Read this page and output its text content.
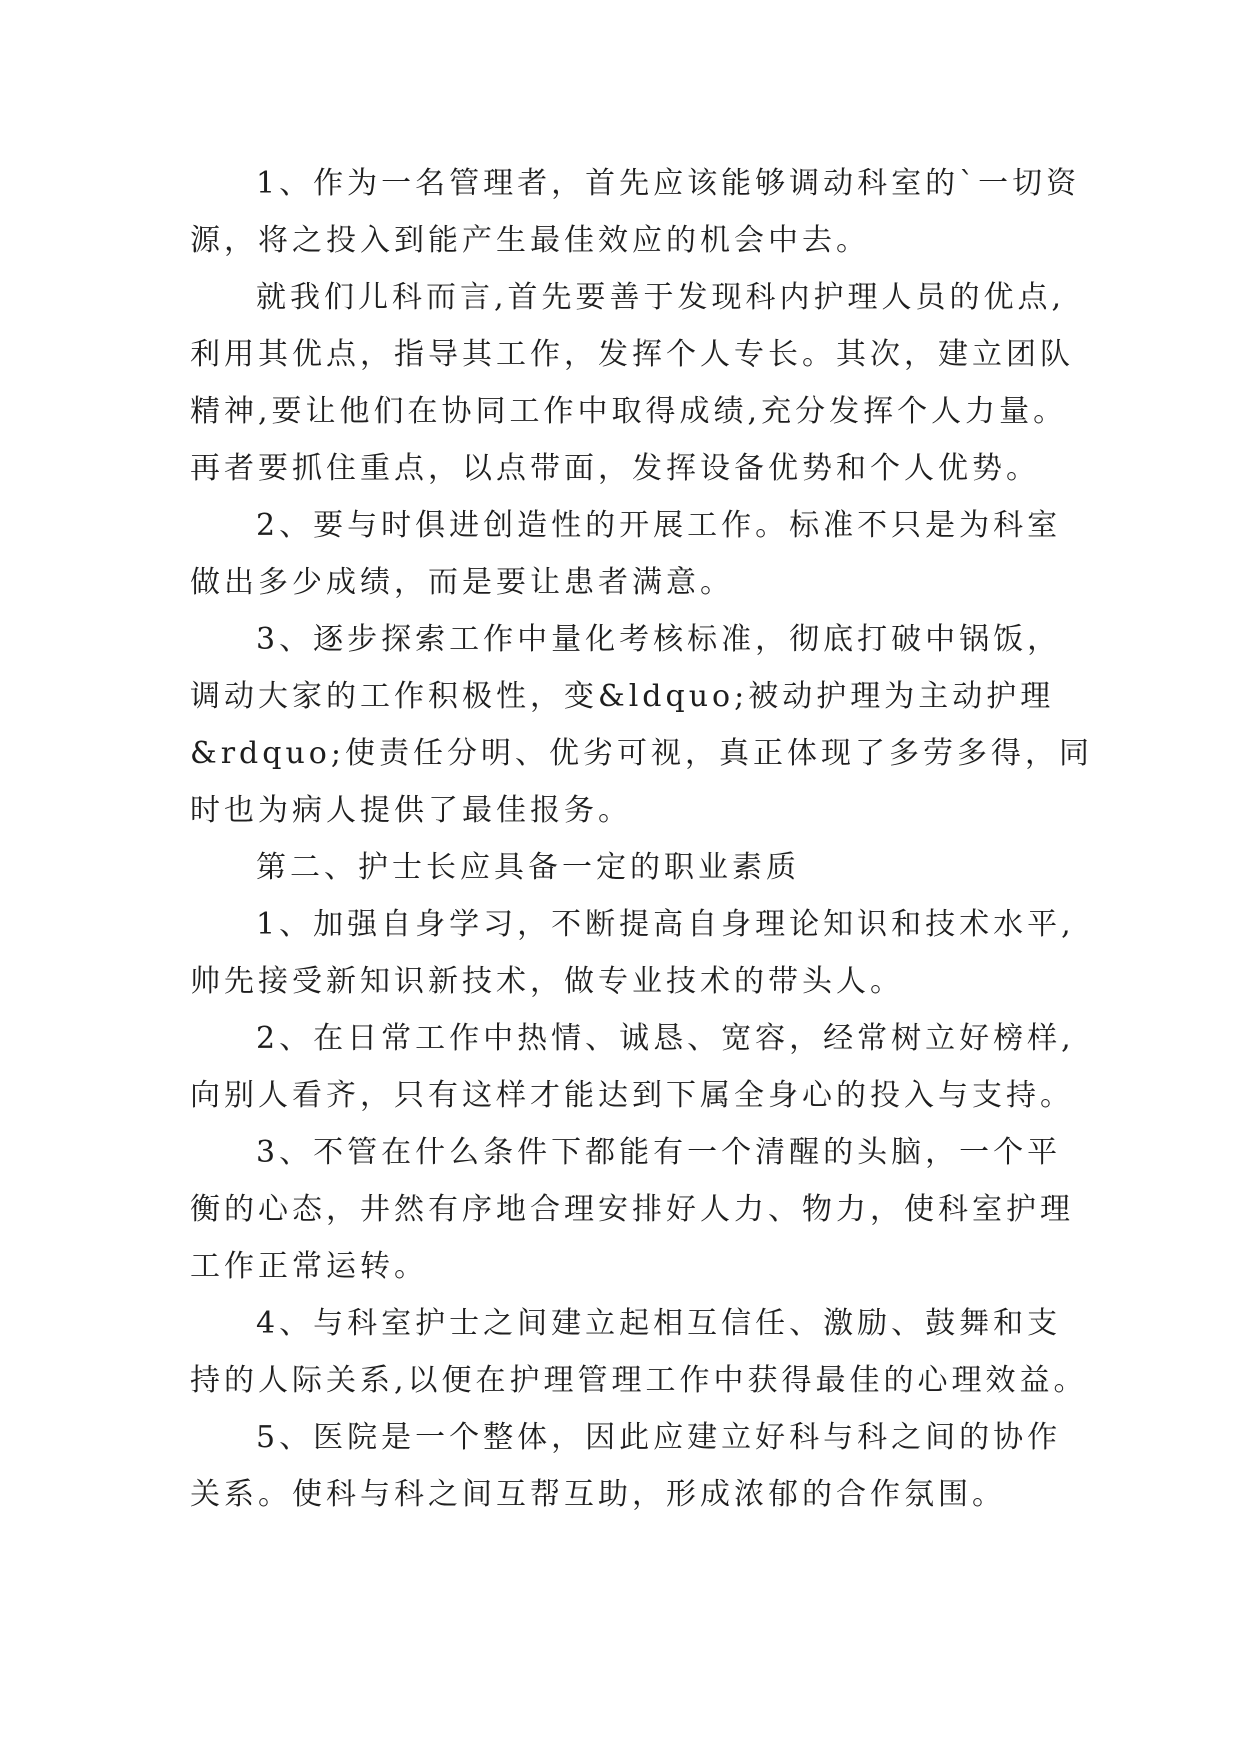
1、作为一名管理者，首先应该能够调动科室的`一切资
源，将之投入到能产生最佳效应的机会中去。
就我们儿科而言,首先要善于发现科内护理人员的优点,
利用其优点，指导其工作，发挥个人专长。其次，建立团队
精神,要让他们在协同工作中取得成绩,充分发挥个人力量。
再者要抓住重点，以点带面，发挥设备优势和个人优势。
2、要与时俱进创造性的开展工作。标准不只是为科室
做出多少成绩，而是要让患者满意。
3、逐步探索工作中量化考核标准，彻底打破中锅饭，
调动大家的工作积极性，变&ldquo;被动护理为主动护理
&rdquo;使责任分明、优劣可视，真正体现了多劳多得，同
时也为病人提供了最佳报务。
第二、护士长应具备一定的职业素质
1、加强自身学习，不断提高自身理论知识和技术水平,
帅先接受新知识新技术，做专业技术的带头人。
2、在日常工作中热情、诚恳、宽容，经常树立好榜样,
向别人看齐，只有这样才能达到下属全身心的投入与支持。
3、不管在什么条件下都能有一个清醒的头脑，一个平
衡的心态，井然有序地合理安排好人力、物力，使科室护理
工作正常运转。
4、与科室护士之间建立起相互信任、激励、鼓舞和支
持的人际关系,以便在护理管理工作中获得最佳的心理效益。
5、医院是一个整体，因此应建立好科与科之间的协作
关系。使科与科之间互帮互助，形成浓郁的合作氛围。
